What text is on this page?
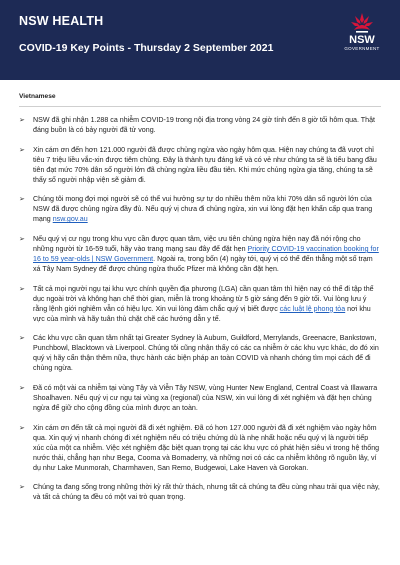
NSW HEALTH
COVID-19 Key Points - Thursday 2 September 2021
NSW
GOVERNMENT
Vietnamese
➢ NSW đã ghi nhận 1.288 ca nhiễm COVID-19 trong nội địa trong vòng 24 giờ tính đến 8 giờ tối hôm qua. Thật đáng buồn là có bảy người đã tử vong.
➢ Xin cám ơn đến hơn 121.000 người đã được chủng ngừa vào ngày hôm qua. Hiện nay chúng ta đã vượt chỉ tiêu 7 triệu liều vắc-xin được tiêm chủng. Đây là thành tựu đáng kể và có vẻ như chúng ta sẽ là tiểu bang đầu tiên đạt mức 70% dân số người lớn đã chủng ngừa liều đầu tiên. Khi mức chủng ngừa gia tăng, chúng ta sẽ thấy số người nhập viện sẽ giảm đi.
➢ Chúng tôi mong đợi mọi người sẽ có thể vui hưởng sự tự do nhiều thêm nữa khi 70% dân số người lớn của NSW đã được chủng ngừa đầy đủ. Nếu quý vị chưa đi chủng ngừa, xin vui lòng đặt hẹn khẩn cấp qua trang mạng nsw.gov.au
➢ Nếu quý vị cư ngụ trong khu vực cần được quan tâm, việc ưu tiên chủng ngừa hiện nay đã nới rộng cho những người từ 16-59 tuổi, hãy vào trang mạng sau đây để đặt hẹn Priority COVID-19 vaccination booking for 16 to 59 year-olds | NSW Government. Ngoài ra, trong bốn (4) ngày tới, quý vị có thể đến thẳng một số trạm xá Tây Nam Sydney để được chủng ngừa thuốc Pfizer mà không cần đặt hẹn.
➢ Tất cả mọi người ngụ tại khu vực chính quyền địa phương (LGA) cần quan tâm thì hiện nay có thể đi tập thể dục ngoài trời và không hạn chế thời gian, miễn là trong khoảng từ 5 giờ sáng đến 9 giờ tối. Vui lòng lưu ý rằng lệnh giới nghiêm vẫn có hiệu lực. Xin vui lòng đảm chắc quý vị biết được các luật lệ phong tỏa nơi khu vực của mình và hãy tuân thủ chặt chẽ các hướng dẫn y tế.
➢ Các khu vực cần quan tâm nhất tại Greater Sydney là Auburn, Guildford, Merrylands, Greenacre, Bankstown, Punchbowl, Blacktown và Liverpool. Chúng tôi cũng nhận thấy có các ca nhiễm ở các khu vực khác, do đó xin quý vị hãy cẩn thận thêm nữa, thực hành các biện pháp an toàn COVID và nhanh chóng tìm mọi cách để đi chủng ngừa.
➢ Đã có một vài ca nhiễm tại vùng Tây và Viễn Tây NSW, vùng Hunter New England, Central Coast và Illawarra Shoalhaven. Nếu quý vị cư ngụ tại vùng xa (regional) của NSW, xin vui lòng đi xét nghiệm và đặt hẹn chủng ngừa để giữ cho cộng đồng của mình được an toàn.
➢ Xin cám ơn đến tất cả mọi người đã đi xét nghiệm. Đã có hơn 127.000 người đã đi xét nghiệm vào ngày hôm qua. Xin quý vị nhanh chóng đi xét nghiệm nếu có triệu chứng dù là nhẹ nhất hoặc nếu quý vị là người tiếp xúc của một ca nhiễm. Việc xét nghiệm đặc biệt quan trọng tại các khu vực có phát hiện siêu vi trong hệ thống nước thải, chẳng hạn như Bega, Cooma và Bomaderry, và những nơi có các ca nhiễm không rõ nguồn lây, ví dụ như Lake Munmorah, Charmhaven, San Remo, Budgewoi, Lake Haven và Gorokan.
➢ Chúng ta đang sống trong những thời kỳ rất thử thách, nhưng tất cả chúng ta đều cùng nhau trải qua việc này, và tất cả chúng ta đều có một vai trò quan trọng.
